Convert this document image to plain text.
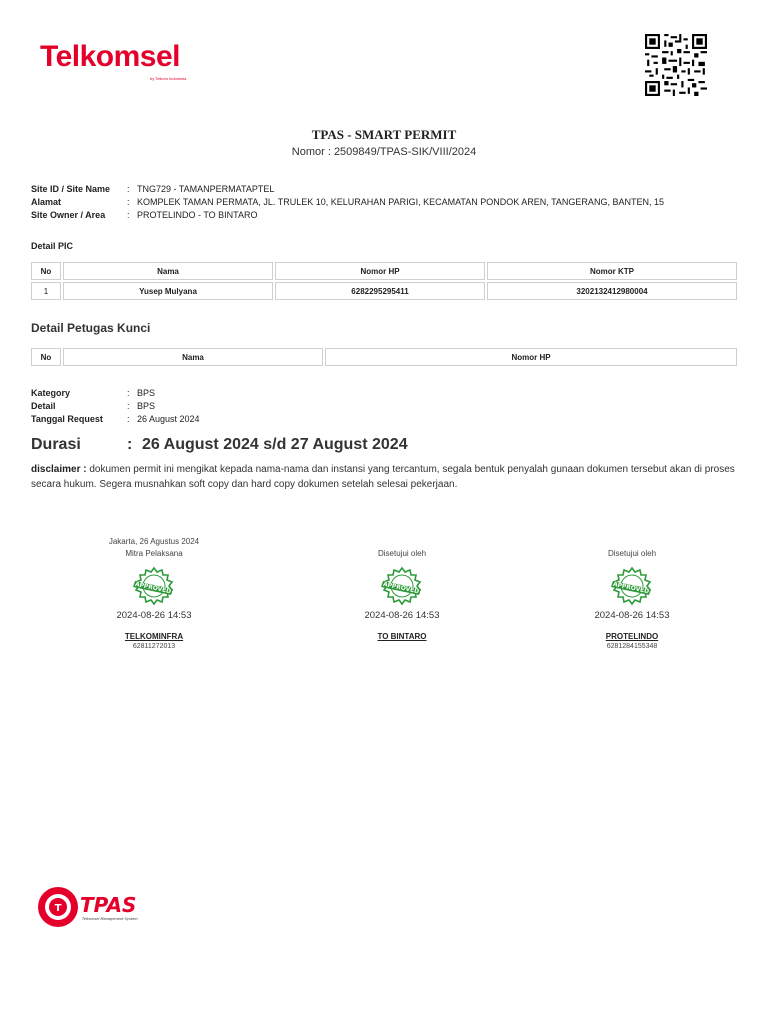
Telkomsel
by Telkom Indonesia
TPAS - SMART PERMIT
Nomor : 2509849/TPAS-SIK/VIII/2024
Site ID / Site Name : TNG729 - TAMANPERMATAPTEL
Alamat	: KOMPLEK TAMAN PERMATA, JL. TRULEK 10, KELURAHAN PARIGI, KECAMATAN PONDOK AREN, TANGERANG, BANTEN, 15
Site Owner / Area : PROTELINDO - TO BINTARO
Detail PIC
No	Nama	Nomor HP	Nomor KTP
1	Yusep Mulyana	6282295295411	3202132412980004
Detail Petugas Kunci
No	Nama	Nomor HP
Kategory	: BPS
Detail	: BPS
Tanggal Request	: 26 August 2024
Durasi	: 26 August 2024 s/d 27 August 2024
disclaimer : dokumen permit ini mengikat kepada nama-nama dan instansi yang tercantum, segala bentuk penyalah gunaan dokumen tersebut akan di proses secara hukum. Segera musnahkan soft copy dan hard copy dokumen setelah selesai pekerjaan.
Jakarta, 26 Agustus 2024
Mitra Pelaksana
APPROVED
2024-08-26 14:53
TELKOMINFRA
62811272013
Disetujui oleh
APPROVED
2024-08-26 14:53
TO BINTARO
Disetujui oleh
APPROVED
2024-08-26 14:53
PROTELINDO
6281284155348
T TPAS
Telkomsel Management System
